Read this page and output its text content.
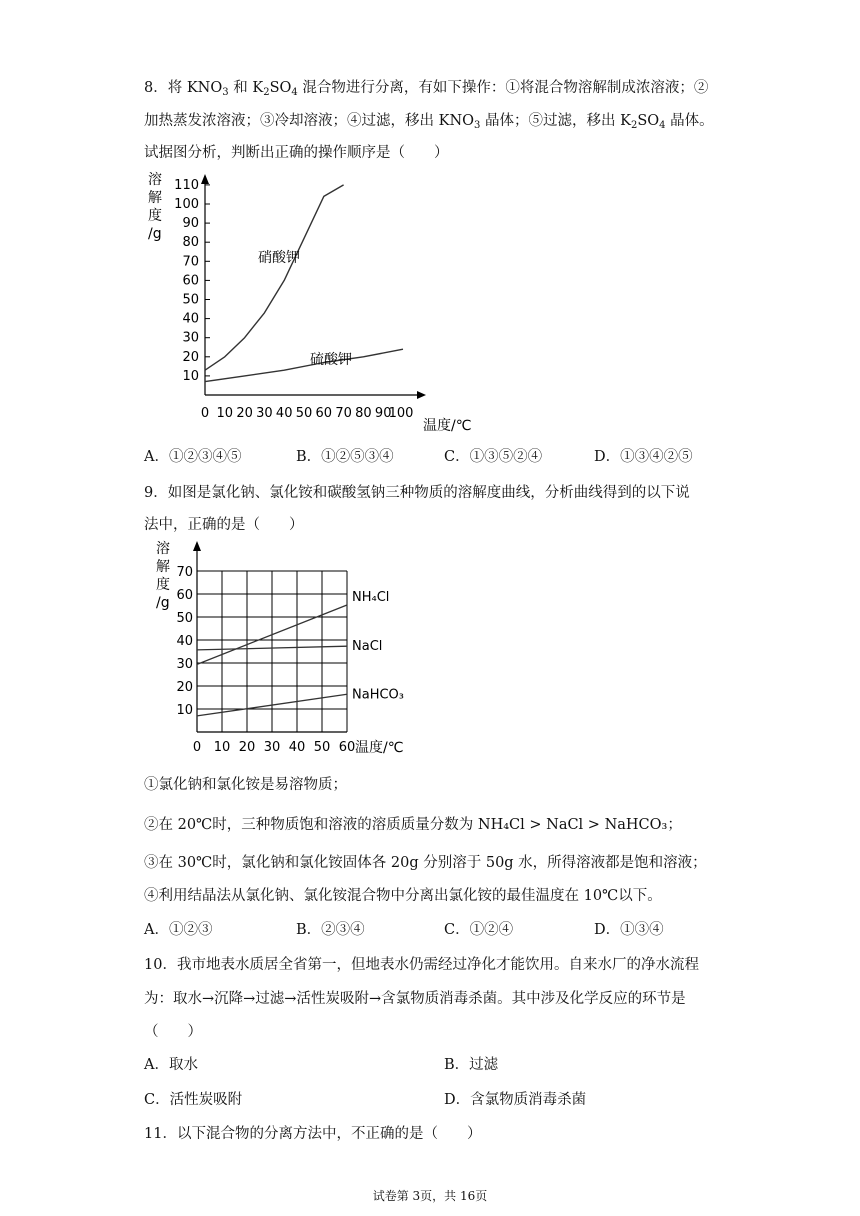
8．将 $KNO_3$ 和 $K_2SO_4$ 混合物进行分离，有如下操作：①将混合物溶解制成浓溶液；②
加热蒸发浓溶液；③冷却溶液；④过滤，移出 $KNO_3$ 晶体；⑤过滤，移出 $K_2SO_4$ 晶体。
试据图分析，判断出正确的操作顺序是（　　）
溶
解
度
/g
10
20
30
40
50
60
70
80
90
100
110
0 10 20 30 40 50 60 70 80 90
100
硝酸钾
硫酸钾
温度/℃
A．①②③④⑤	B．①②⑤③④	C．①③⑤②④	D．①③④②⑤
9．如图是氯化钠、氯化铵和碳酸氢钠三种物质的溶解度曲线，分析曲线得到的以下说
法中，正确的是（　　）
溶
解
度
/g
10
20
30
40
50
60
70
0 10 20 30 40 50 60
NH₄Cl
NaCl
NaHCO₃
温度/℃
①氯化钠和氯化铵是易溶物质；
②在 20℃时，三种物质饱和溶液的溶质质量分数为 NH₄Cl > NaCl > NaHCO₃；
③在 30℃时，氯化钠和氯化铵固体各 20g 分别溶于 50g 水，所得溶液都是饱和溶液；
④利用结晶法从氯化钠、氯化铵混合物中分离出氯化铵的最佳温度在 10℃以下。
A．①②③	B．②③④	C．①②④	D．①③④
10．我市地表水质居全省第一，但地表水仍需经过净化才能饮用。自来水厂的净水流程
为：取水→沉降→过滤→活性炭吸附→含氯物质消毒杀菌。其中涉及化学反应的环节是
（　　）
A．取水	B．过滤
C．活性炭吸附	D．含氯物质消毒杀菌
11．以下混合物的分离方法中，不正确的是（　　）
试卷第 3页，共 16页
